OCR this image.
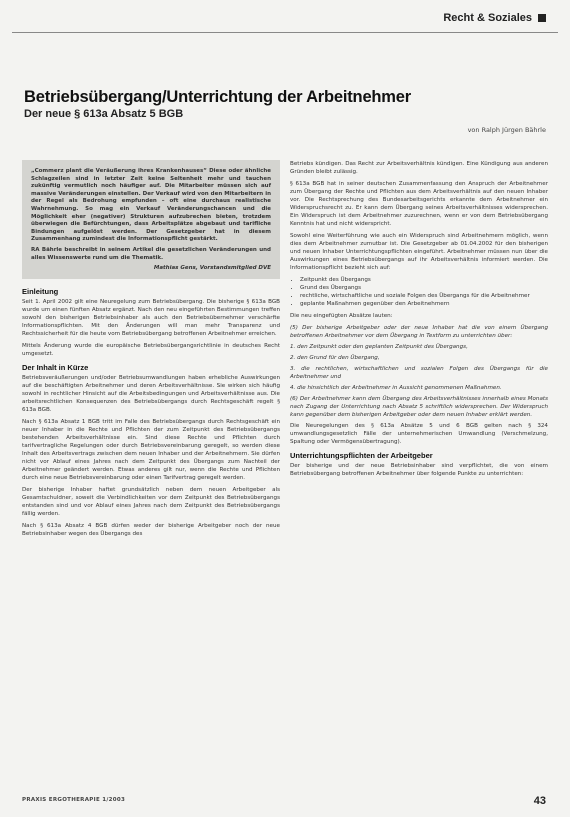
Recht & Soziales
Betriebsübergang/Unterrichtung der Arbeitnehmer
Der neue § 613a Absatz 5 BGB
von Ralph Jürgen Bährle

„Commerz plant die Veräußerung ihres Krankenhauses“ Diese oder ähnliche Schlagzeilen sind in letzter Zeit keine Seltenheit mehr und tauchen zukünftig vermutlich noch häufiger auf. Die Mitarbeiter müssen sich auf massive Veränderungen einstellen. Der Verkauf wird von den Mitarbeitern in der Regel als Bedrohung empfunden – oft eine durchaus realistische Wahrnehmung. So mag ein Verkauf Veränderungschancen und die Möglichkeit eher (negativer) Strukturen aufzubrechen bieten, trotzdem überwiegen die Befürchtungen, dass Arbeitsplätze abgebaut und tarifliche Bindungen aufgelöst werden. Der Gesetzgeber hat in diesem Zusammenhang zumindest die Informationspflicht gestärkt.

RA Bährle beschreibt in seinem Artikel die gesetzlichen Veränderungen und alles Wissenswerte rund um die Thematik.

Mathias Gens, Vorstandsmitglied DVE
Einleitung

Seit 1. April 2002 gilt eine Neuregelung zum Betriebsübergang. Die bisherige § 613a BGB wurde um einen fünften Absatz ergänzt. Nach den neu eingeführten Bestimmungen treffen sowohl den bisherigen Betriebsinhaber als auch den Betriebsübernehmer verschärfte Informationspflichten. Mit den Änderungen will man mehr Transparenz und Rechtssicherheit für die heute vom Betriebsübergang betroffenen Arbeitnehmer erreichen.

Mittels Änderung wurde die europäische Betriebsübergangsrichtlinie in deutsches Recht umgesetzt.

Der Inhalt in Kürze

Betriebsveräußerungen und/oder Betriebsumwandlungen haben erhebliche Auswirkungen auf die beschäftigten Arbeitnehmer und deren Arbeitsverhältnisse. Sie wirken sich häufig sowohl in rechtlicher Hinsicht auf die Arbeitsbedingungen und Arbeitsverhältnisse aus. Die arbeitsrechtlichen Konsequenzen des Betriebsübergangs durch Rechtsgeschäft regelt § 613a BGB.

Nach § 613a Absatz 1 BGB tritt im Falle des Betriebsübergangs durch Rechtsgeschäft ein neuer Inhaber in die Rechte und Pflichten der zum Zeitpunkt des Betriebsübergangs bestehenden Arbeitsverhältnisse ein. Sind diese Rechte und Pflichten durch tarifvertragliche Regelungen oder durch Betriebsvereinbarung geregelt, so werden diese Inhalt des Arbeitsvertrags zwischen dem neuen Inhaber und der Arbeitnehmern. Sie dürfen nicht vor Ablauf eines Jahres nach dem Zeitpunkt des Übergangs zum Nachteil der Arbeitnehmer geändert werden. Etwas anderes gilt nur, wenn die Rechte und Pflichten durch eine neue Betriebsvereinbarung oder einen Tarifvertrag geregelt werden.

Der bisherige Inhaber haftet grundsätzlich neben dem neuen Arbeitgeber als Gesamtschuldner, soweit die Verbindlichkeiten vor dem Zeitpunkt des Betriebsübergangs entstanden sind und vor Ablauf eines Jahres nach dem Zeitpunkt des Betriebsübergangs fällig werden.

Nach § 613a Absatz 4 BGB dürfen weder der bisherige Arbeitgeber noch der neue Betriebsinhaber wegen des Übergangs des

Betriebs kündigen. Das Recht zur Arbeitsverhältnis kündigen. Eine Kündigung aus anderen Gründen bleibt zulässig.

§ 613a BGB hat in seiner deutschen Zusammenfassung den Anspruch der Arbeitnehmer zum Übergang der Rechte und Pflichten aus dem Arbeitsverhältnis auf den neuen Inhaber vor. Die Rechtsprechung des Bundesarbeitsgerichts erkannte dem Arbeitnehmer ein Widerspruchsrecht zu. Er kann dem Übergang seines Arbeitsverhältnisses widersprechen. Ein Widerspruch ist dem Arbeitnehmer zuzurechnen, wenn er von dem Betriebsübergang Kenntnis hat und nicht widerspricht.

Sowohl eine Weiterführung wie auch ein Widerspruch sind Arbeitnehmern möglich, wenn dies dem Arbeitnehmer zumutbar ist. Die Gesetzgeber ab 01.04.2002 für den bisherigen und neuen Inhaber Unterrichtungspflichten eingeführt. Arbeitnehmer müssen nun über die Auswirkungen eines Betriebsübergangs auf ihr Arbeitsverhältnis informiert werden. Die Informationspflicht bezieht sich auf:

• Zeitpunkt des Übergangs
• Grund des Übergangs
• rechtliche, wirtschaftliche und soziale Folgen des Übergangs für die Arbeitnehmer
• geplante Maßnahmen gegenüber den Arbeitnehmern

Die neu eingefügten Absätze lauten:

(5) Der bisherige Arbeitgeber oder der neue Inhaber hat die von einem Übergang betroffenen Arbeitnehmer vor dem Übergang in Textform zu unterrichten über:

1. den Zeitpunkt oder den geplanten Zeitpunkt des Übergangs,

2. den Grund für den Übergang,

3. die rechtlichen, wirtschaftlichen und sozialen Folgen des Übergangs für die Arbeitnehmer und

4. die hinsichtlich der Arbeitnehmer in Aussicht genommenen Maßnahmen.

(6) Der Arbeitnehmer kann dem Übergang des Arbeitsverhältnisses innerhalb eines Monats nach Zugang der Unterrichtung nach Absatz 5 schriftlich widersprechen. Der Widerspruch kann gegenüber dem bisherigen Arbeitgeber oder dem neuen Inhaber erklärt werden.

Die Neuregelungen des § 613a Absätze 5 und 6 BGB gelten nach § 324 umwandlungsgesetzlich Fälle der unternehmerischen Umwandlung (Verschmelzung, Spaltung oder Vermögensübertragung).

Unterrichtungspflichten der Arbeitgeber

Der bisherige und der neue Betriebsinhaber sind verpflichtet, die von einem Betriebsübergang betroffenen Arbeitnehmer über folgende Punkte zu unterrichten:

PRAXIS ERGOTHERAPIE 1/2003	43
